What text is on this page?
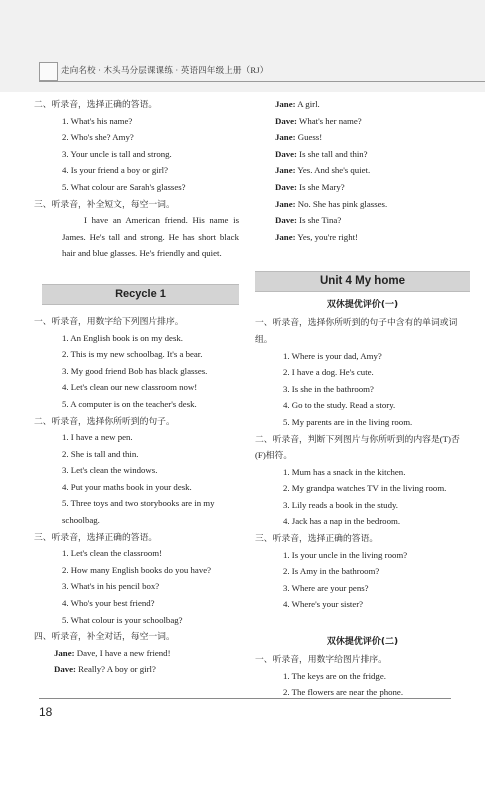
走向名校 · 木头马分层课课练 · 英语四年级上册（RJ）
二、听录音，选择正确的答语。
1. What's his name?
2. Who's she? Amy?
3. Your uncle is tall and strong.
4. Is your friend a boy or girl?
5. What colour are Sarah's glasses?
三、听录音，补全短文，每空一词。
I have an American friend. His name is James. He's tall and strong. He has short black hair and blue glasses. He's friendly and quiet.
Recycle 1
一、听录音，用数字给下列图片排序。
1. An English book is on my desk.
2. This is my new schoolbag. It's a bear.
3. My good friend Bob has black glasses.
4. Let's clean our new classroom now!
5. A computer is on the teacher's desk.
二、听录音，选择你所听到的句子。
1. I have a new pen.
2. She is tall and thin.
3. Let's clean the windows.
4. Put your maths book in your desk.
5. Three toys and two storybooks are in my schoolbag.
三、听录音，选择正确的答语。
1. Let's clean the classroom!
2. How many English books do you have?
3. What's in his pencil box?
4. Who's your best friend?
5. What colour is your schoolbag?
四、听录音，补全对话，每空一词。
Jane: Dave, I have a new friend!
Dave: Really? A boy or girl?
Jane: A girl.
Dave: What's her name?
Jane: Guess!
Dave: Is she tall and thin?
Jane: Yes. And she's quiet.
Dave: Is she Mary?
Jane: No. She has pink glasses.
Dave: Is she Tina?
Jane: Yes, you're right!
Unit 4 My home
双休提优评价(一)
一、听录音，选择你所听到的句子中含有的单词或词组。
1. Where is your dad, Amy?
2. I have a dog. He's cute.
3. Is she in the bathroom?
4. Go to the study. Read a story.
5. My parents are in the living room.
二、听录音，判断下列图片与你所听到的内容是(T)否(F)相符。
1. Mum has a snack in the kitchen.
2. My grandpa watches TV in the living room.
3. Lily reads a book in the study.
4. Jack has a nap in the bedroom.
三、听录音，选择正确的答语。
1. Is your uncle in the living room?
2. Is Amy in the bathroom?
3. Where are your pens?
4. Where's your sister?
双休提优评价(二)
一、听录音，用数字给图片排序。
1. The keys are on the fridge.
2. The flowers are near the phone.
18
